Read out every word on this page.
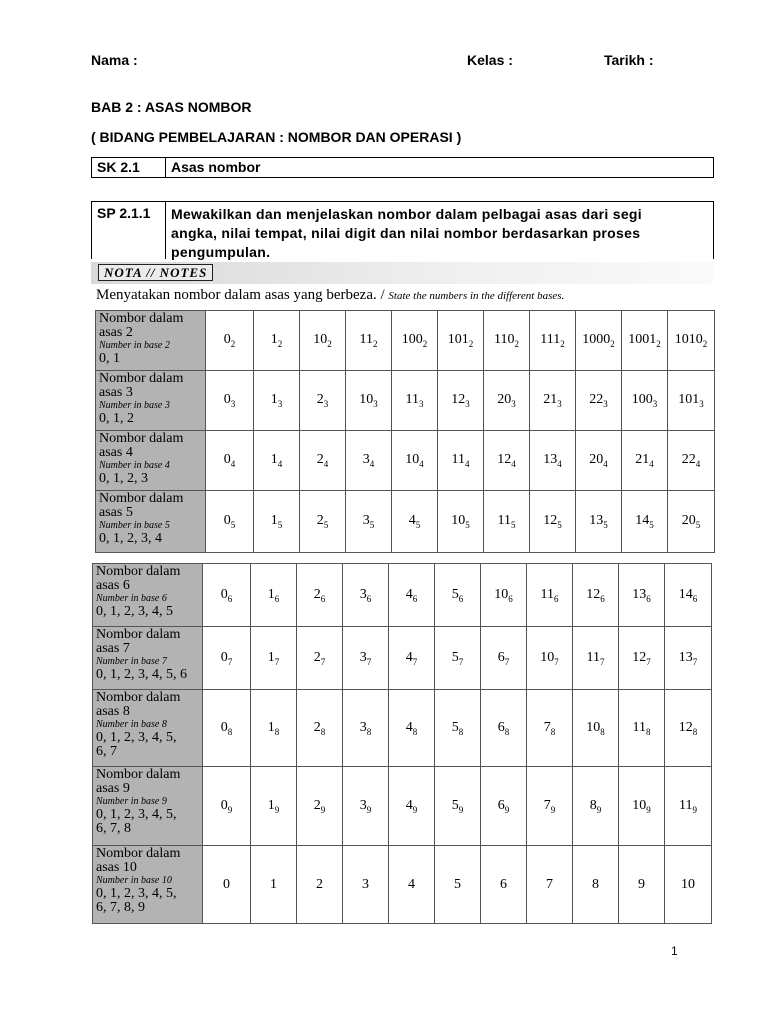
Nama :	Kelas :	Tarikh :
BAB 2 : ASAS NOMBOR
( BIDANG PEMBELAJARAN : NOMBOR DAN OPERASI )
SK 2.1	Asas nombor
SP 2.1.1	Mewakilkan dan menjelaskan nombor dalam pelbagai asas dari segi
angka, nilai tempat, nilai digit dan nilai nombor berdasarkan proses
pengumpulan.
NOTA // NOTES
Menyatakan nombor dalam asas yang berbeza. / State the numbers in the different bases.
Nombor dalam
asas 2
Number in base 2
0, 1	$0_2$	$1_2$	$10_2$	$11_2$	$100_2$	$101_2$	$110_2$	$111_2$	$1000_2$	$1001_2$	$1010_2$

Nombor dalam
asas 3
Number in base 3
0, 1, 2	$0_3$	$1_3$	$2_3$	$10_3$	$11_3$	$12_3$	$20_3$	$21_3$	$22_3$	$100_3$	$101_3$

Nombor dalam
asas 4
Number in base 4
0, 1, 2, 3	$0_4$	$1_4$	$2_4$	$3_4$	$10_4$	$11_4$	$12_4$	$13_4$	$20_4$	$21_4$	$22_4$

Nombor dalam
asas 5
Number in base 5
0, 1, 2, 3, 4	$0_5$	$1_5$	$2_5$	$3_5$	$4_5$	$10_5$	$11_5$	$12_5$	$13_5$	$14_5$	$20_5$
Nombor dalam
asas 6
Number in base 6
0, 1, 2, 3, 4, 5	$0_6$	$1_6$	$2_6$	$3_6$	$4_6$	$5_6$	$10_6$	$11_6$	$12_6$	$13_6$	$14_6$

Nombor dalam
asas 7
Number in base 7
0, 1, 2, 3, 4, 5, 6	$0_7$	$1_7$	$2_7$	$3_7$	$4_7$	$5_7$	$6_7$	$10_7$	$11_7$	$12_7$	$13_7$

Nombor dalam
asas 8
Number in base 8
0, 1, 2, 3, 4, 5,
6, 7	$0_8$	$1_8$	$2_8$	$3_8$	$4_8$	$5_8$	$6_8$	$7_8$	$10_8$	$11_8$	$12_8$

Nombor dalam
asas 9
Number in base 9
0, 1, 2, 3, 4, 5,
6, 7, 8	$0_9$	$1_9$	$2_9$	$3_9$	$4_9$	$5_9$	$6_9$	$7_9$	$8_9$	$10_9$	$11_9$

Nombor dalam
asas 10
Number in base 10
0, 1, 2, 3, 4, 5,
6, 7, 8, 9	0	1	2	3	4	5	6	7	8	9	10
1
